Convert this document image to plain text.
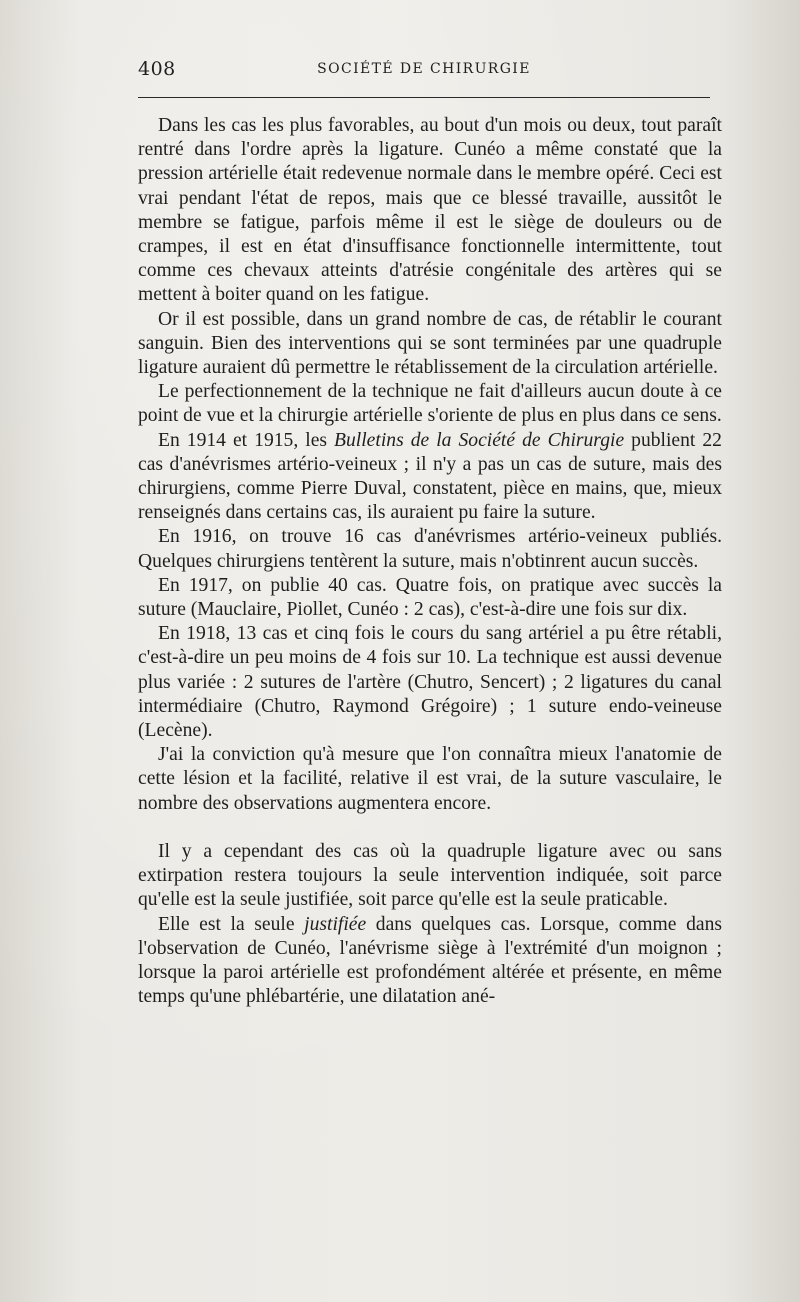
408	SOCIÉTÉ DE CHIRURGIE

Dans les cas les plus favorables, au bout d'un mois ou deux, tout paraît rentré dans l'ordre après la ligature. Cunéo a même constaté que la pression artérielle était redevenue normale dans le membre opéré. Ceci est vrai pendant l'état de repos, mais que ce blessé travaille, aussitôt le membre se fatigue, parfois même il est le siège de douleurs ou de crampes, il est en état d'insuffisance fonctionnelle intermittente, tout comme ces chevaux atteints d'atrésie congénitale des artères qui se mettent à boiter quand on les fatigue.

Or il est possible, dans un grand nombre de cas, de rétablir le courant sanguin. Bien des interventions qui se sont terminées par une quadruple ligature auraient dû permettre le rétablissement de la circulation artérielle.

Le perfectionnement de la technique ne fait d'ailleurs aucun doute à ce point de vue et la chirurgie artérielle s'oriente de plus en plus dans ce sens.

En 1914 et 1915, les Bulletins de la Société de Chirurgie publient 22 cas d'anévrismes artério-veineux ; il n'y a pas un cas de suture, mais des chirurgiens, comme Pierre Duval, constatent, pièce en mains, que, mieux renseignés dans certains cas, ils auraient pu faire la suture.

En 1916, on trouve 16 cas d'anévrismes artério-veineux publiés. Quelques chirurgiens tentèrent la suture, mais n'obtinrent aucun succès.

En 1917, on publie 40 cas. Quatre fois, on pratique avec succès la suture (Mauclaire, Piollet, Cunéo : 2 cas), c'est-à-dire une fois sur dix.

En 1918, 13 cas et cinq fois le cours du sang artériel a pu être rétabli, c'est-à-dire un peu moins de 4 fois sur 10. La technique est aussi devenue plus variée : 2 sutures de l'artère (Chutro, Sencert) ; 2 ligatures du canal intermédiaire (Chutro, Raymond Grégoire) ; 1 suture endo-veineuse (Lecène).

J'ai la conviction qu'à mesure que l'on connaîtra mieux l'anatomie de cette lésion et la facilité, relative il est vrai, de la suture vasculaire, le nombre des observations augmentera encore.

Il y a cependant des cas où la quadruple ligature avec ou sans extirpation restera toujours la seule intervention indiquée, soit parce qu'elle est la seule justifiée, soit parce qu'elle est la seule praticable.

Elle est la seule justifiée dans quelques cas. Lorsque, comme dans l'observation de Cunéo, l'anévrisme siège à l'extrémité d'un moignon ; lorsque la paroi artérielle est profondément altérée et présente, en même temps qu'une phlébartérie, une dilatation ané-
